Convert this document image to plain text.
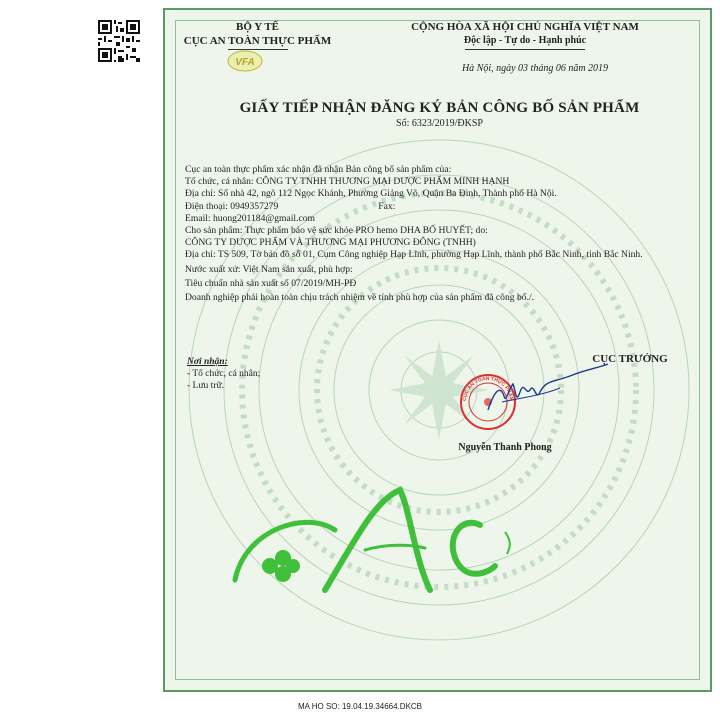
BỘ Y TẾ
CỤC AN TOÀN THỰC PHẨM
VFA
CỘNG HÒA XÃ HỘI CHỦ NGHĨA VIỆT NAM
Độc lập - Tự do - Hạnh phúc
Hà Nội, ngày 03 tháng 06 năm 2019
GIẤY TIẾP NHẬN ĐĂNG KÝ BẢN CÔNG BỐ SẢN PHẨM
Số: 6323/2019/ĐKSP

Cục an toàn thực phẩm xác nhận đã nhận Bản công bố sản phẩm của:

Tổ chức, cá nhân: CÔNG TY TNHH THƯƠNG MẠI DƯỢC PHẨM MINH HẠNH

Địa chỉ: Số nhà 42, ngõ 112 Ngọc Khánh, Phường Giảng Võ, Quận Ba Đình, Thành phố Hà Nội.

Điện thoại: 0949357279	Fax:

Email: huong201184@gmail.com

Cho sản phẩm: Thực phẩm bảo vệ sức khỏe PRO hemo DHA BỔ HUYẾT; do:

CÔNG TY DƯỢC PHẨM VÀ THƯƠNG MẠI PHƯƠNG ĐÔNG (TNHH)

Địa chỉ: TS 509, Tờ bản đồ số 01, Cụm Công nghiệp Hạp Lĩnh, phường Hạp Lĩnh, thành phố Bắc Ninh, tỉnh Bắc Ninh.

Nước xuất xứ: Việt Nam sản xuất, phù hợp:

Tiêu chuẩn nhà sản xuất số 07/2019/MH-PĐ

Doanh nghiệp phải hoàn toàn chịu trách nhiệm về tính phù hợp của sản phẩm đã công bố./.

Nơi nhận:
- Tổ chức, cá nhân;
- Lưu trữ.
CỤC TRƯỞNG
CỤC AN TOÀN THỰC PHẨM
Nguyễn Thanh Phong
MA HO SO: 19.04.19.34664.DKCB
